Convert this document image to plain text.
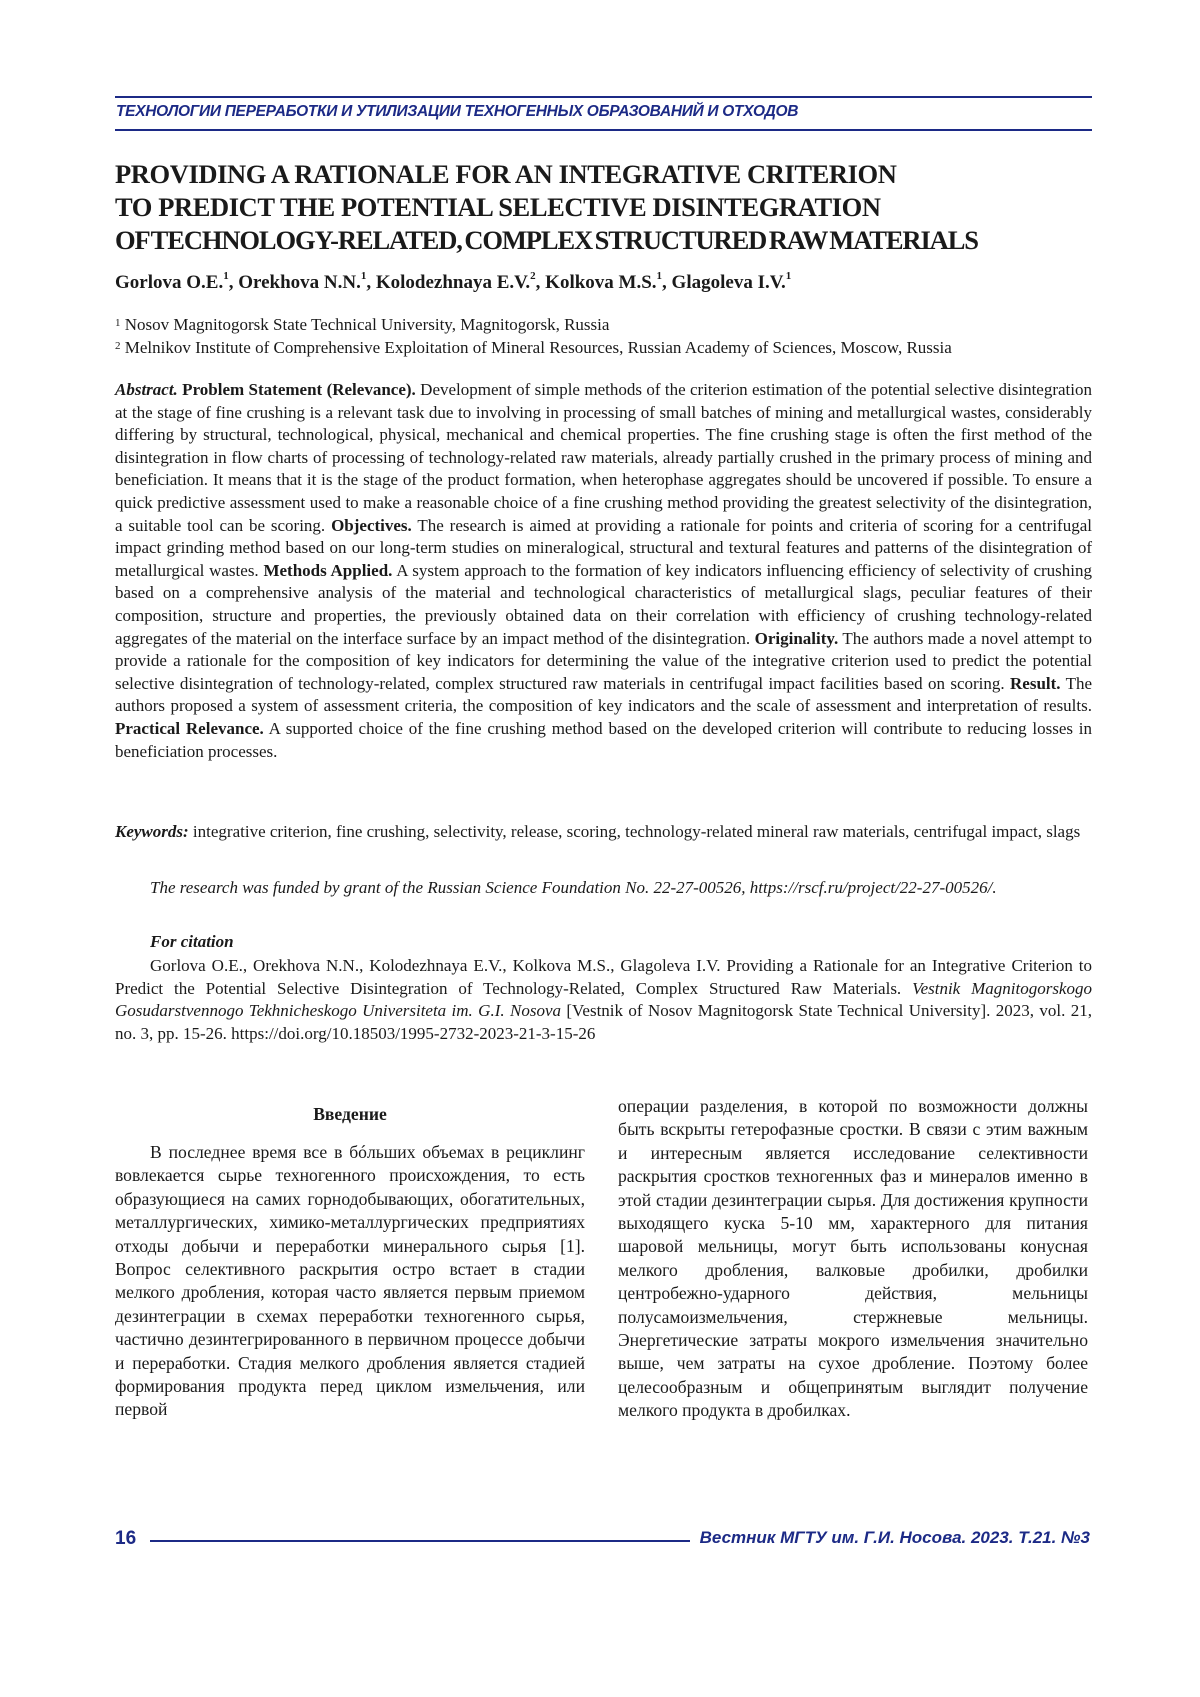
ТЕХНОЛОГИИ ПЕРЕРАБОТКИ И УТИЛИЗАЦИИ ТЕХНОГЕННЫХ ОБРАЗОВАНИЙ И ОТХОДОВ
PROVIDING A RATIONALE FOR AN INTEGRATIVE CRITERION
TO PREDICT THE POTENTIAL SELECTIVE DISINTEGRATION
OF TECHNOLOGY-RELATED, COMPLEX STRUCTURED RAW MATERIALS
Gorlova O.E.1, Orekhova N.N.1, Kolodezhnaya E.V.2, Kolkova M.S.1, Glagoleva I.V.1
1 Nosov Magnitogorsk State Technical University, Magnitogorsk, Russia
2 Melnikov Institute of Comprehensive Exploitation of Mineral Resources, Russian Academy of Sciences, Moscow, Russia
Abstract. Problem Statement (Relevance). Development of simple methods of the criterion estimation of the potential selective disintegration at the stage of fine crushing is a relevant task due to involving in processing of small batches of mining and metallurgical wastes, considerably differing by structural, technological, physical, mechanical and chemical properties. The fine crushing stage is often the first method of the disintegration in flow charts of processing of technology-related raw materials, already partially crushed in the primary process of mining and beneficiation. It means that it is the stage of the product formation, when heterophase aggregates should be uncovered if possible. To ensure a quick predictive assessment used to make a reasonable choice of a fine crushing method providing the greatest selectivity of the disintegration, a suitable tool can be scoring. Objectives. The research is aimed at providing a rationale for points and criteria of scoring for a centrifugal impact grinding method based on our long-term studies on mineralogical, structural and textural features and patterns of the disintegration of metallurgical wastes. Methods Applied. A system approach to the formation of key indicators influencing efficiency of selectivity of crushing based on a comprehensive analysis of the material and technological characteristics of metallurgical slags, peculiar features of their composition, structure and properties, the previously obtained data on their correlation with efficiency of crushing technology-related aggregates of the material on the interface surface by an impact method of the disintegration. Originality. The authors made a novel attempt to provide a rationale for the composition of key indicators for determining the value of the integrative criterion used to predict the potential selective disintegration of technology-related, complex structured raw materials in centrifugal impact facilities based on scoring. Result. The authors proposed a system of assessment criteria, the composition of key indicators and the scale of assessment and interpretation of results. Practical Relevance. A supported choice of the fine crushing method based on the developed criterion will contribute to reducing losses in beneficiation processes.
Keywords: integrative criterion, fine crushing, selectivity, release, scoring, technology-related mineral raw materials, centrifugal impact, slags
The research was funded by grant of the Russian Science Foundation No. 22-27-00526, https://rscf.ru/project/22-27-00526/.
For citation
Gorlova O.E., Orekhova N.N., Kolodezhnaya E.V., Kolkova M.S., Glagoleva I.V. Providing a Rationale for an Integrative Criterion to Predict the Potential Selective Disintegration of Technology-Related, Complex Structured Raw Materials. Vestnik Magnitogorskogo Gosudarstvennogo Tekhnicheskogo Universiteta im. G.I. Nosova [Vestnik of Nosov Magnitogorsk State Technical University]. 2023, vol. 21, no. 3, pp. 15-26. https://doi.org/10.18503/1995-2732-2023-21-3-15-26
Введение
В последнее время все в бóльших объемах в рециклинг вовлекается сырье техногенного происхождения, то есть образующиеся на самих горнодобывающих, обогатительных, металлургических, химико-металлургических предприятиях отходы добычи и переработки минерального сырья [1]. Вопрос селективного раскрытия остро встает в стадии мелкого дробления, которая часто является первым приемом дезинтеграции в схемах переработки техногенного сырья, частично дезинтегрированного в первичном процессе добычи и переработки. Стадия мелкого дробления является стадией формирования продукта перед циклом измельчения, или первой
операции разделения, в которой по возможности должны быть вскрыты гетерофазные сростки. В связи с этим важным и интересным является исследование селективности раскрытия сростков техногенных фаз и минералов именно в этой стадии дезинтеграции сырья. Для достижения крупности выходящего куска 5-10 мм, характерного для питания шаровой мельницы, могут быть использованы конусная мелкого дробления, валковые дробилки, дробилки центробежно-ударного действия, мельницы полусамоизмельчения, стержневые мельницы. Энергетические затраты мокрого измельчения значительно выше, чем затраты на сухое дробление. Поэтому более целесообразным и общепринятым выглядит получение мелкого продукта в дробилках.
16	Вестник МГТУ им. Г.И. Носова. 2023. Т.21. №3
